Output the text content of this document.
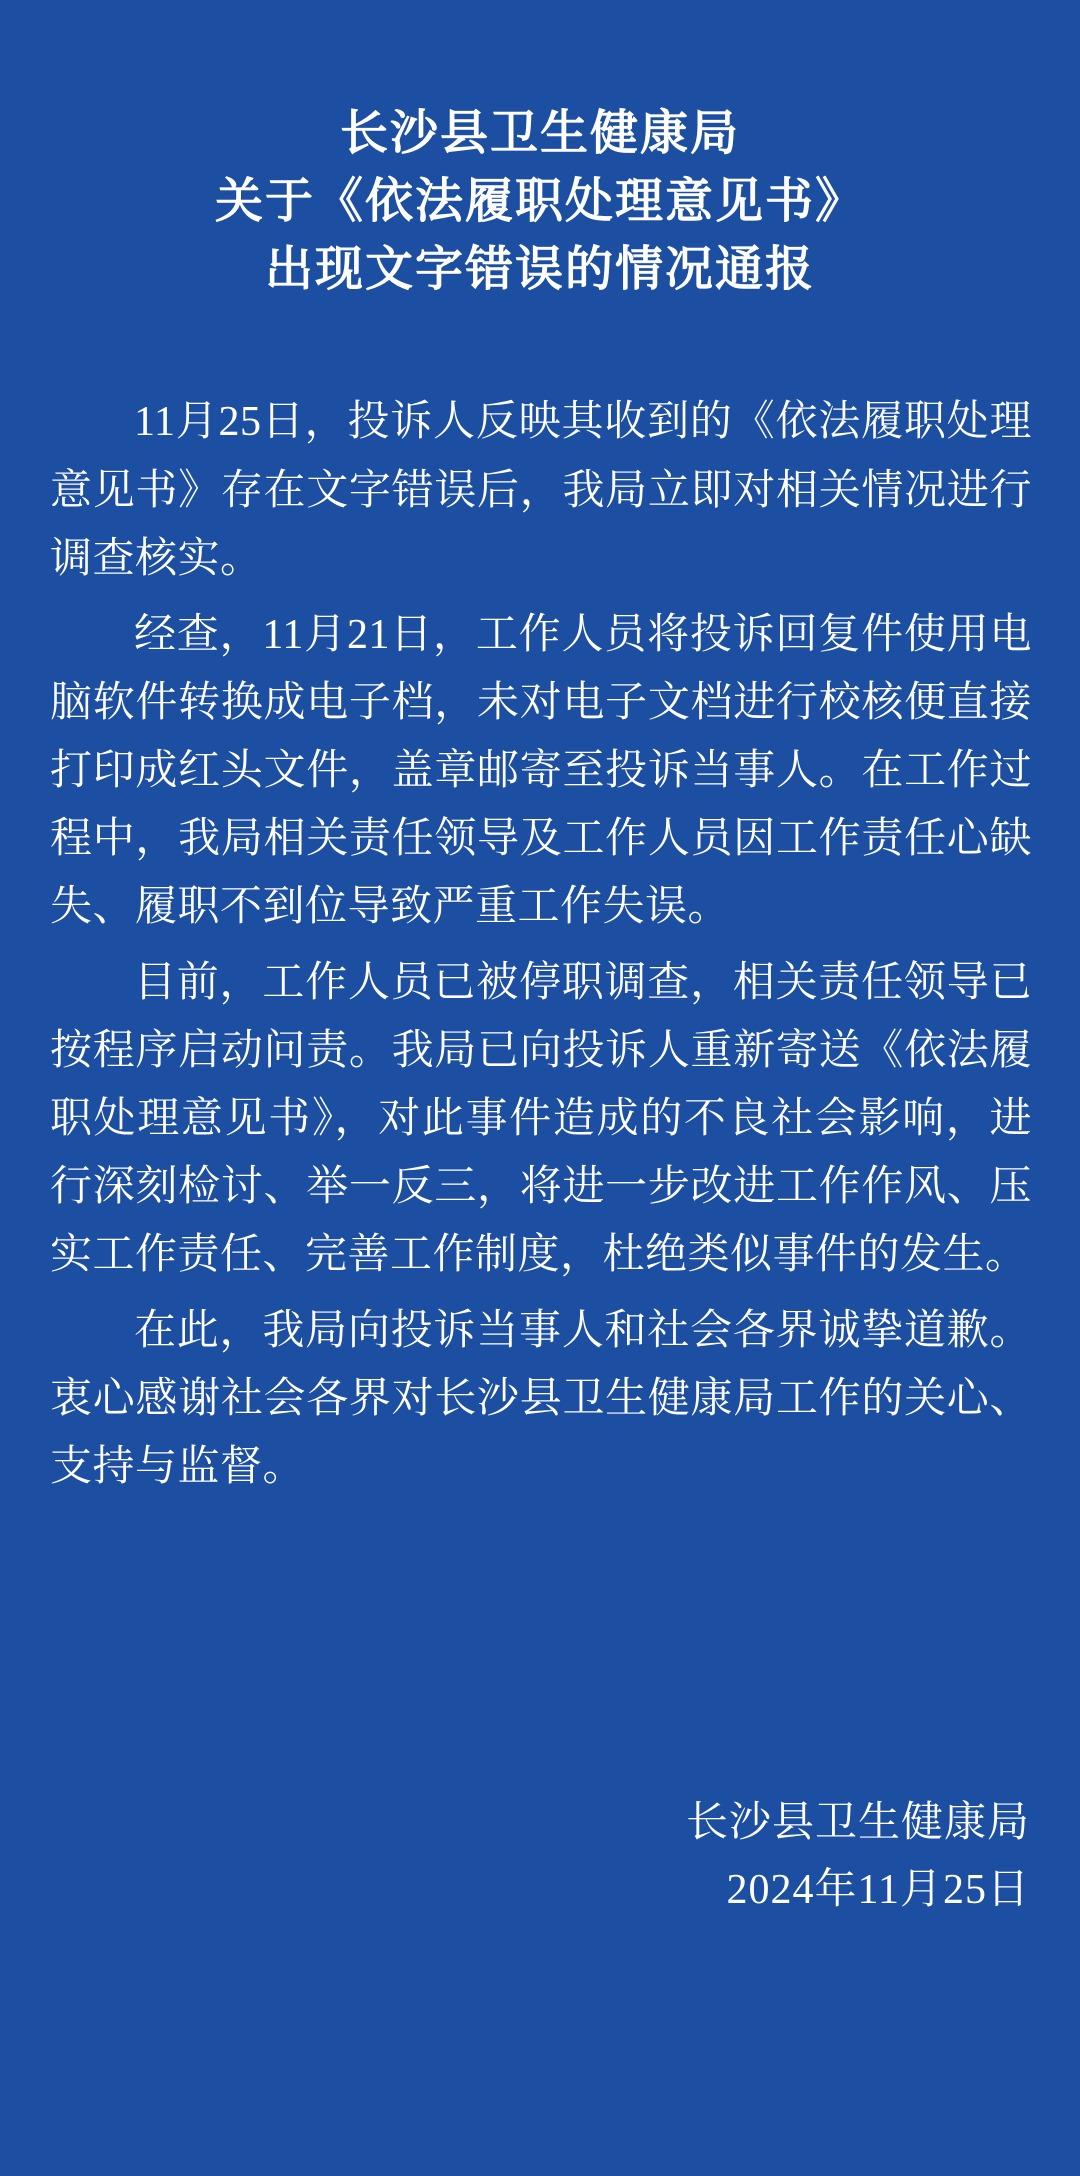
长沙县卫生健康局
关于《依法履职处理意见书》
出现文字错误的情况通报

11月25日，投诉人反映其收到的《依法履职处理意见书》存在文字错误后，我局立即对相关情况进行调查核实。

经查，11月21日，工作人员将投诉回复件使用电脑软件转换成电子档，未对电子文档进行校核便直接打印成红头文件，盖章邮寄至投诉当事人。在工作过程中，我局相关责任领导及工作人员因工作责任心缺失、履职不到位导致严重工作失误。

目前，工作人员已被停职调查，相关责任领导已按程序启动问责。我局已向投诉人重新寄送《依法履职处理意见书》，对此事件造成的不良社会影响，进行深刻检讨、举一反三，将进一步改进工作作风、压实工作责任、完善工作制度，杜绝类似事件的发生。

在此，我局向投诉当事人和社会各界诚挚道歉。衷心感谢社会各界对长沙县卫生健康局工作的关心、支持与监督。

长沙县卫生健康局
2024年11月25日
